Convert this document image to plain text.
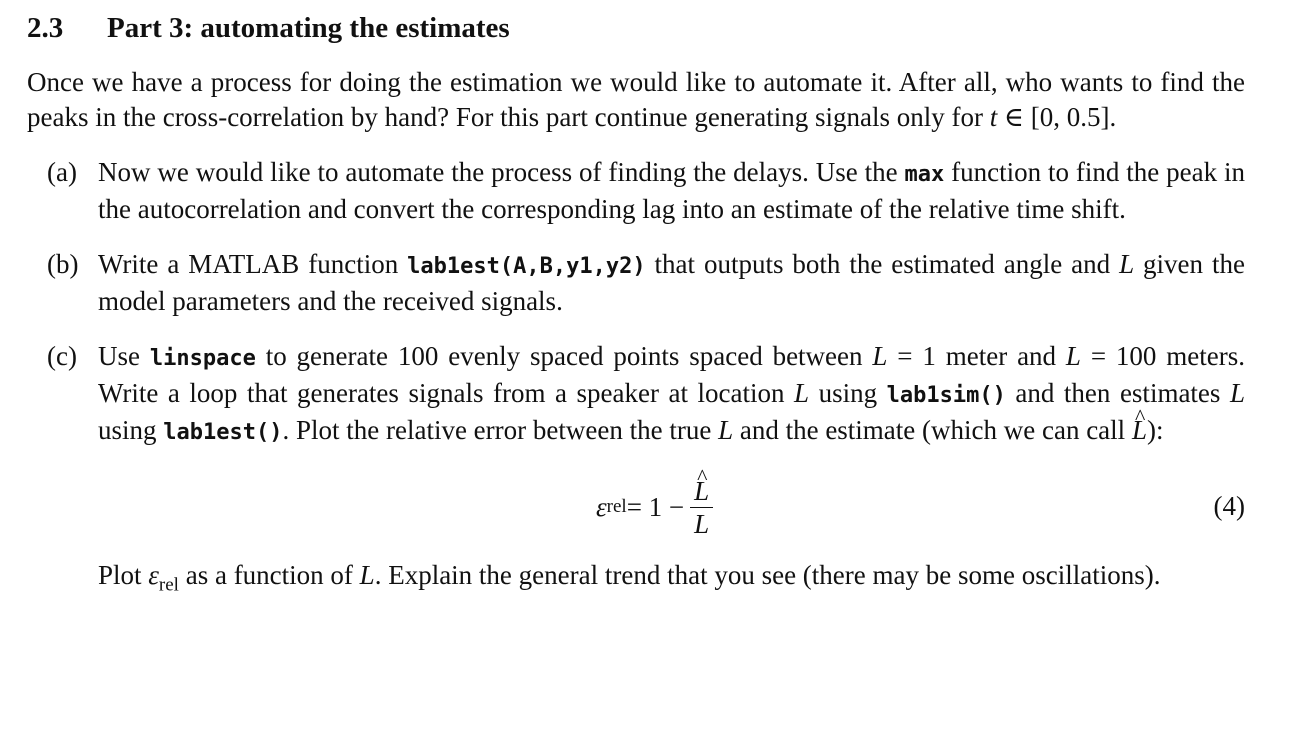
2.3 Part 3: automating the estimates

Once we have a process for doing the estimation we would like to automate it. After all, who wants to find the peaks in the cross-correlation by hand? For this part continue generating signals only for t ∈ [0, 0.5].

(a) Now we would like to automate the process of finding the delays. Use the max function to find the peak in the autocorrelation and convert the corresponding lag into an estimate of the relative time shift.

(b) Write a MATLAB function lab1est(A,B,y1,y2) that outputs both the estimated angle and L given the model parameters and the received signals.

(c) Use linspace to generate 100 evenly spaced points spaced between L = 1 meter and L = 100 meters. Write a loop that generates signals from a speaker at location L using lab1sim() and then estimates L using lab1est(). Plot the relative error between the true L and the estimate (which we can call ^ L):

ε rel = 1 −
^ $\frac{L}{L}$	(4)

Plot $\varepsilon_{rel}$ as a function of L. Explain the general trend that you see (there may be some oscillations).
